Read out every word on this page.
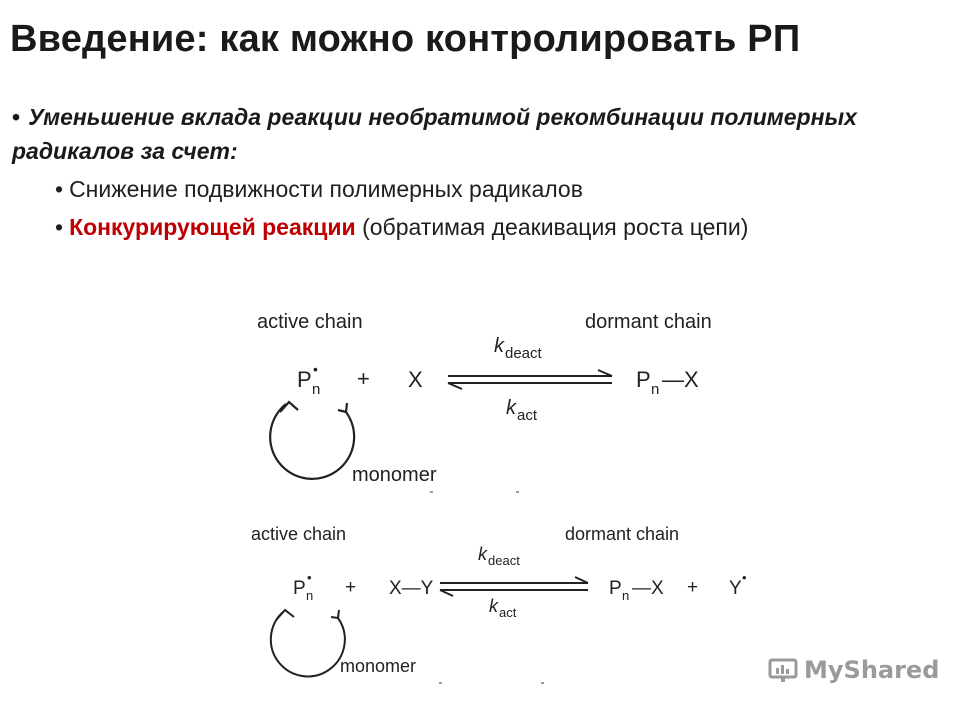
Введение: как можно контролировать РП
• Уменьшение вклада реакции необратимой рекомбинации полимерных радикалов за счет:
• Снижение подвижности полимерных радикалов
• Конкурирующей реакции (обратимая деакивация роста цепи)
active chain	dormant chain
P n
• + X
k deact
k act
P n —X
monomer
active chain	dormant chain
P n
• + X—Y
k deact
k act
P n —X + Y
•
monomer	MyShared
